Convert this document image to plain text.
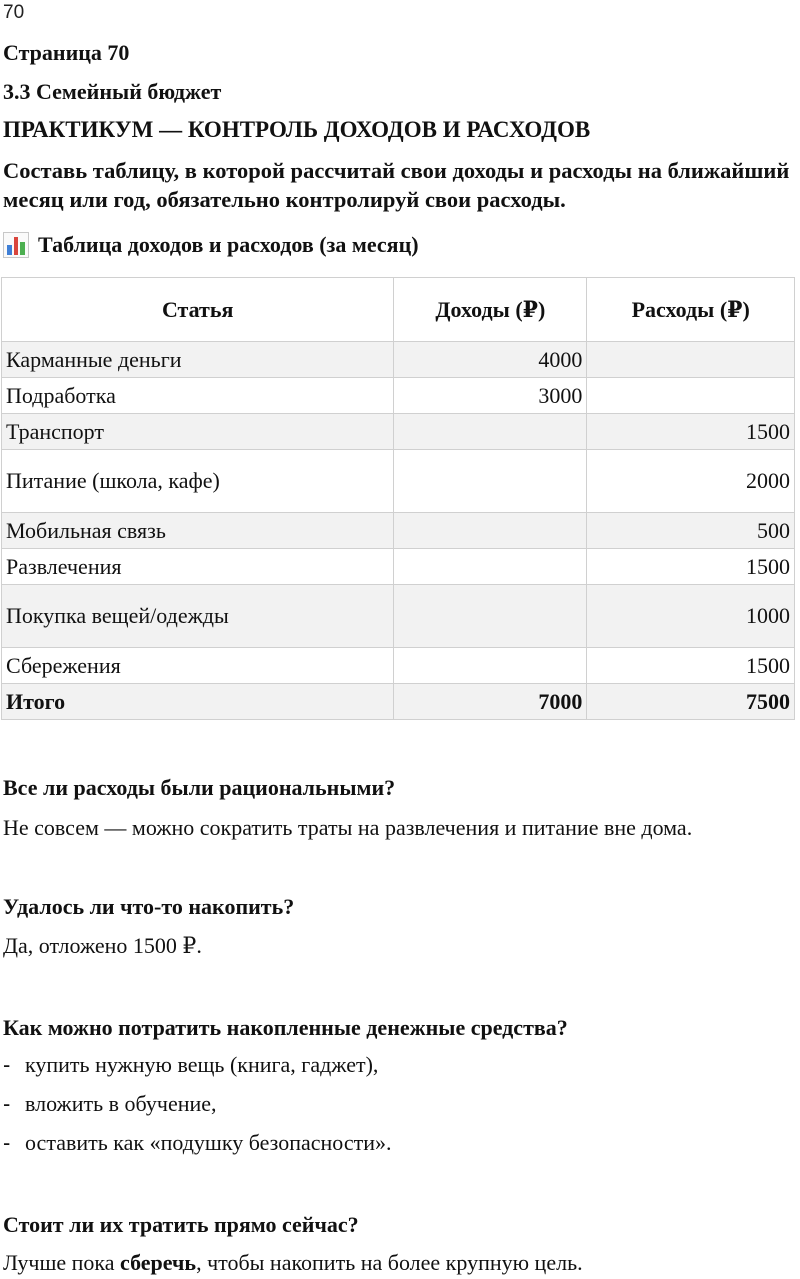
70
Страница 70
3.3 Семейный бюджет
ПРАКТИКУМ — КОНТРОЛЬ ДОХОДОВ И РАСХОДОВ

Составь таблицу, в которой рассчитай свои доходы и расходы на ближайший месяц или год, обязательно контролируй свои расходы.

Таблица доходов и расходов (за месяц)
Статья	Доходы (₽)	Расходы (₽)
Карманные деньги	4000	
Подработка	3000	
Транспорт		1500
Питание (школа, кафе)		2000
Мобильная связь		500
Развлечения		1500
Покупка вещей/одежды		1000
Сбережения		1500
Итого	7000	7500

Все ли расходы были рациональными?

Не совсем — можно сократить траты на развлечения и питание вне дома.

Удалось ли что-то накопить?

Да, отложено 1500 ₽.

Как можно потратить накопленные денежные средства?

- купить нужную вещь (книга, гаджет),
- вложить в обучение,
- оставить как «подушку безопасности».

Стоит ли их тратить прямо сейчас?

Лучше пока сберечь, чтобы накопить на более крупную цель.
